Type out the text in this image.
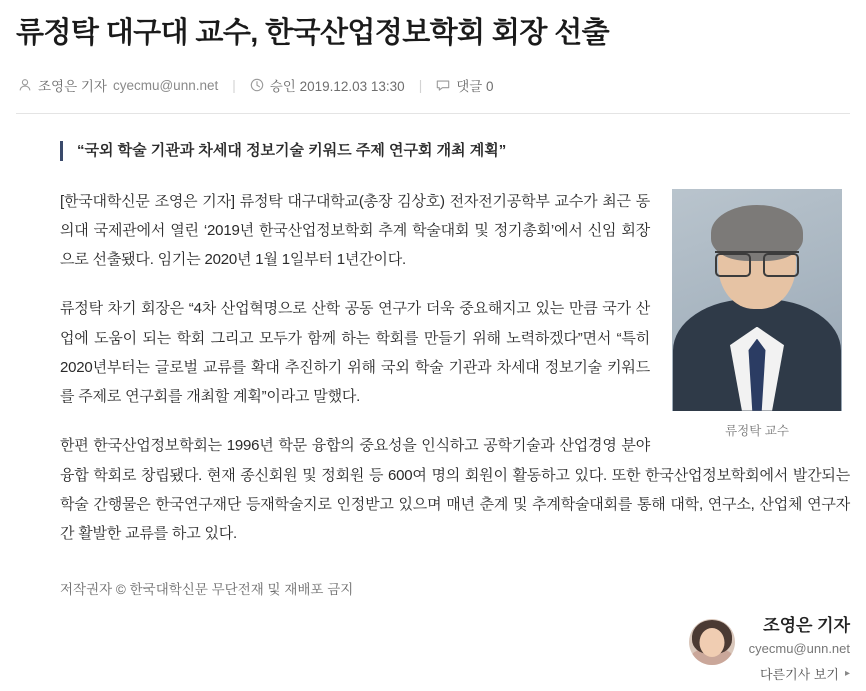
류정탁 대구대 교수, 한국산업정보학회 회장 선출
조영은 기자 cyecmu@unn.net |	승인 2019.12.03 13:30 |	댓글 0
“국외 학술 기관과 차세대 정보기술 키워드 주제 연구회 개최 계획”
류정탁 교수

[한국대학신문 조영은 기자] 류정탁 대구대학교(총장 김상호) 전자전기공학부 교수가 최근 동의대 국제관에서 열린 ‘2019년 한국산업정보학회 추계 학술대회 및 정기총회’에서 신임 회장으로 선출됐다. 임기는 2020년 1월 1일부터 1년간이다.

류정탁 차기 회장은 “4차 산업혁명으로 산학 공동 연구가 더욱 중요해지고 있는 만큼 국가 산업에 도움이 되는 학회 그리고 모두가 함께 하는 학회를 만들기 위해 노력하겠다”면서 “특히 2020년부터는 글로벌 교류를 확대 추진하기 위해 국외 학술 기관과 차세대 정보기술 키워드를 주제로 연구회를 개최할 계획”이라고 말했다.

한편 한국산업정보학회는 1996년 학문 융합의 중요성을 인식하고 공학기술과 산업경영 분야 융합 학회로 창립됐다. 현재 종신회원 및 정회원 등 600여 명의 회원이 활동하고 있다. 또한 한국산업정보학회에서 발간되는 학술 간행물은 한국연구재단 등재학술지로 인정받고 있으며 매년 춘계 및 추계학술대회를 통해 대학, 연구소, 산업체 연구자 간 활발한 교류를 하고 있다.

저작권자 © 한국대학신문 무단전재 및 재배포 금지
조영은 기자
cyecmu@unn.net
다른기사 보기 ▸
